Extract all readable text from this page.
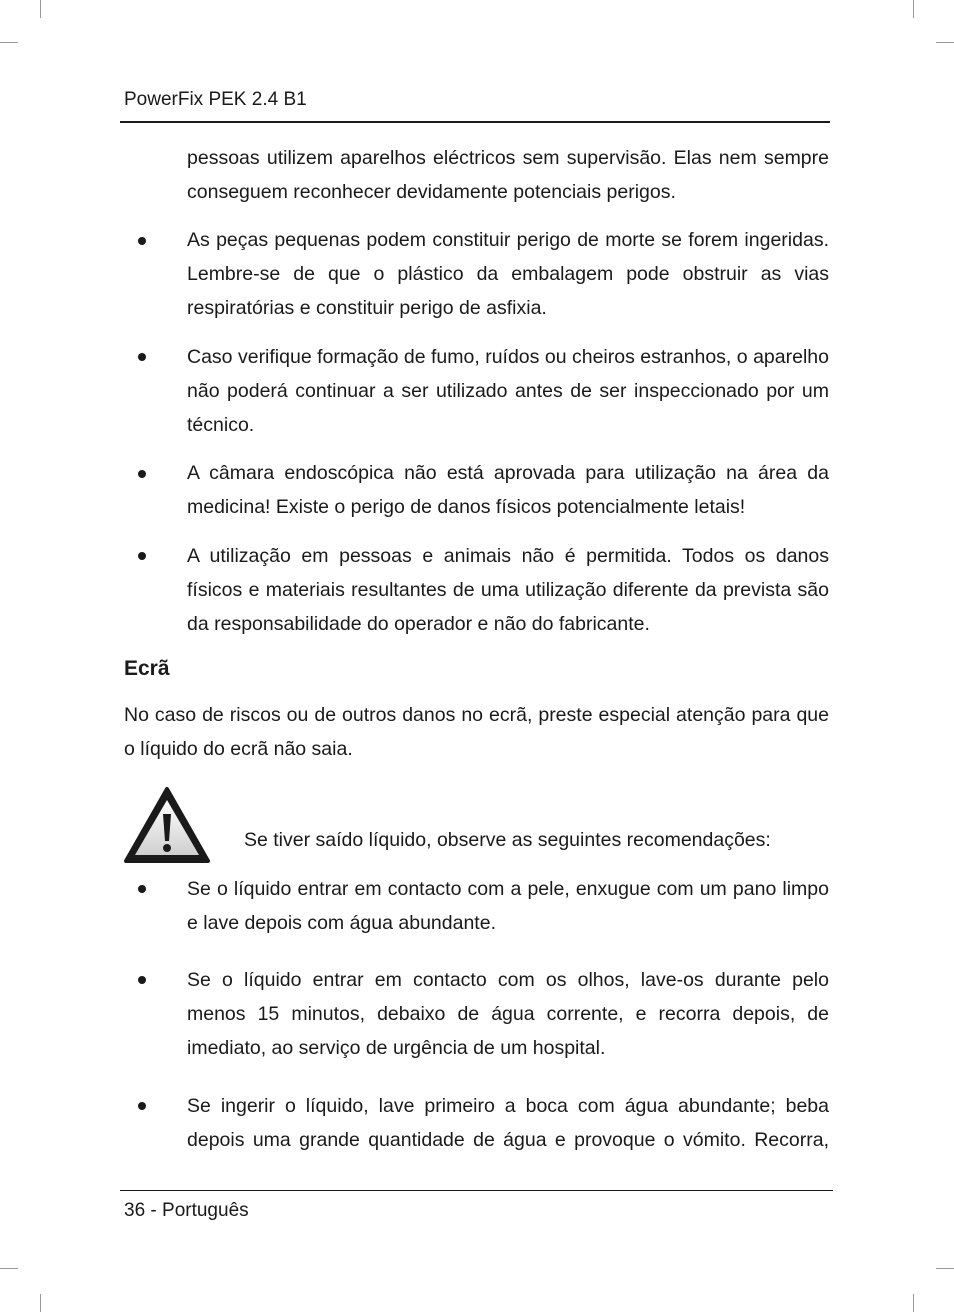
PowerFix PEK 2.4 B1

pessoas utilizem aparelhos eléctricos sem supervisão. Elas nem sempre conseguem reconhecer devidamente potenciais perigos.

As peças pequenas podem constituir perigo de morte se forem ingeridas. Lembre-se de que o plástico da embalagem pode obstruir as vias respiratórias e constituir perigo de asfixia.

Caso verifique formação de fumo, ruídos ou cheiros estranhos, o aparelho não poderá continuar a ser utilizado antes de ser inspeccionado por um técnico.

A câmara endoscópica não está aprovada para utilização na área da medicina! Existe o perigo de danos físicos potencialmente letais!

A utilização em pessoas e animais não é permitida. Todos os danos físicos e materiais resultantes de uma utilização diferente da prevista são da responsabilidade do operador e não do fabricante.

Ecrã

No caso de riscos ou de outros danos no ecrã, preste especial atenção para que o líquido do ecrã não saia.

Se tiver saído líquido, observe as seguintes recomendações:

Se o líquido entrar em contacto com a pele, enxugue com um pano limpo e lave depois com água abundante.

Se o líquido entrar em contacto com os olhos, lave-os durante pelo menos 15 minutos, debaixo de água corrente, e recorra depois, de imediato, ao serviço de urgência de um hospital.

Se ingerir o líquido, lave primeiro a boca com água abundante; beba depois uma grande quantidade de água e provoque o vómito. Recorra,

36 - Português
